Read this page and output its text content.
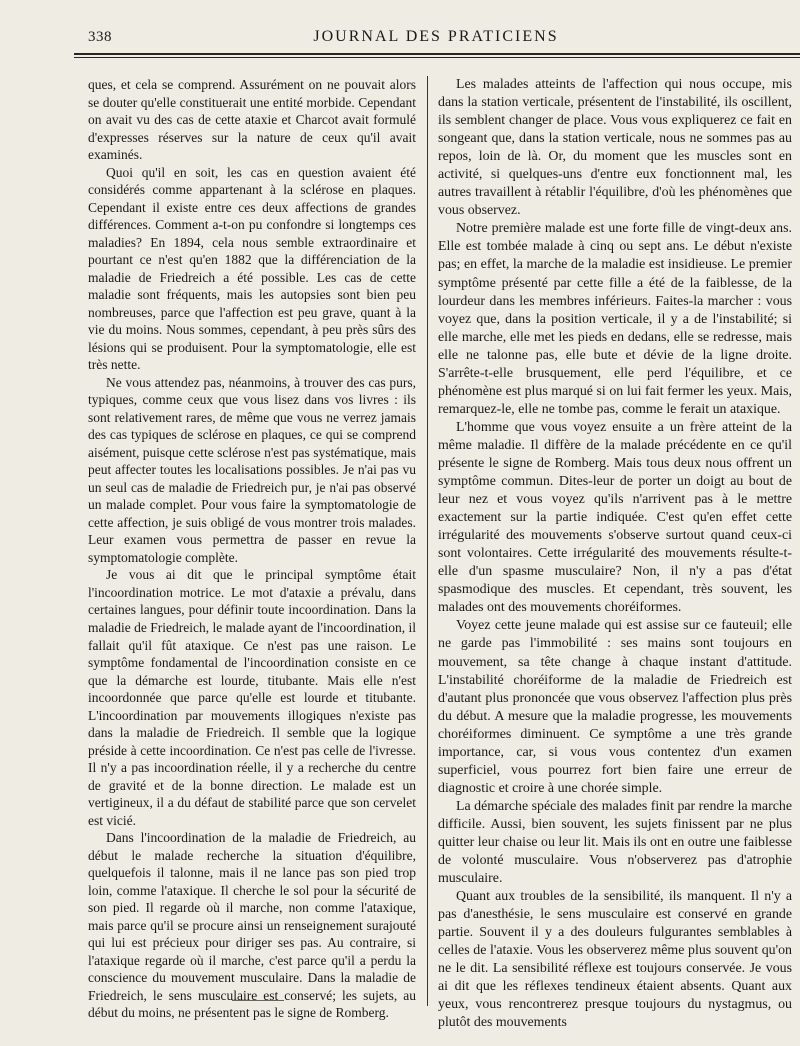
338	JOURNAL DES PRATICIENS

ques, et cela se comprend. Assurément on ne pouvait alors se douter qu'elle constituerait une entité morbide. Cependant on avait vu des cas de cette ataxie et Charcot avait formulé d'expresses réserves sur la nature de ceux qu'il avait examinés.

Quoi qu'il en soit, les cas en question avaient été considérés comme appartenant à la sclérose en plaques. Cependant il existe entre ces deux affections de grandes différences. Comment a-t-on pu confondre si longtemps ces maladies? En 1894, cela nous semble extraordinaire et pourtant ce n'est qu'en 1882 que la différenciation de la maladie de Friedreich a été possible. Les cas de cette maladie sont fréquents, mais les autopsies sont bien peu nombreuses, parce que l'affection est peu grave, quant à la vie du moins. Nous sommes, cependant, à peu près sûrs des lésions qui se produisent. Pour la symptomatologie, elle est très nette.

Ne vous attendez pas, néanmoins, à trouver des cas purs, typiques, comme ceux que vous lisez dans vos livres : ils sont relativement rares, de même que vous ne verrez jamais des cas typiques de sclérose en plaques, ce qui se comprend aisément, puisque cette sclérose n'est pas systématique, mais peut affecter toutes les localisations possibles. Je n'ai pas vu un seul cas de maladie de Friedreich pur, je n'ai pas observé un malade complet. Pour vous faire la symptomatologie de cette affection, je suis obligé de vous montrer trois malades. Leur examen vous permettra de passer en revue la symptomatologie complète.

Je vous ai dit que le principal symptôme était l'incoordination motrice. Le mot d'ataxie a prévalu, dans certaines langues, pour définir toute incoordination. Dans la maladie de Friedreich, le malade ayant de l'incoordination, il fallait qu'il fût ataxique. Ce n'est pas une raison. Le symptôme fondamental de l'incoordination consiste en ce que la démarche est lourde, titubante. Mais elle n'est incoordonnée que parce qu'elle est lourde et titubante. L'incoordination par mouvements illogiques n'existe pas dans la maladie de Friedreich. Il semble que la logique préside à cette incoordination. Ce n'est pas celle de l'ivresse. Il n'y a pas incoordination réelle, il y a recherche du centre de gravité et de la bonne direction. Le malade est un vertigineux, il a du défaut de stabilité parce que son cervelet est vicié.

Dans l'incoordination de la maladie de Friedreich, au début le malade recherche la situation d'équilibre, quelquefois il talonne, mais il ne lance pas son pied trop loin, comme l'ataxique. Il cherche le sol pour la sécurité de son pied. Il regarde où il marche, non comme l'ataxique, mais parce qu'il se procure ainsi un renseignement surajouté qui lui est précieux pour diriger ses pas. Au contraire, si l'ataxique regarde où il marche, c'est parce qu'il a perdu la conscience du mouvement musculaire. Dans la maladie de Friedreich, le sens musculaire est conservé; les sujets, au début du moins, ne présentent pas le signe de Romberg.

Les malades atteints de l'affection qui nous occupe, mis dans la station verticale, présentent de l'instabilité, ils oscillent, ils semblent changer de place. Vous vous expliquerez ce fait en songeant que, dans la station verticale, nous ne sommes pas au repos, loin de là. Or, du moment que les muscles sont en activité, si quelques-uns d'entre eux fonctionnent mal, les autres travaillent à rétablir l'équilibre, d'où les phénomènes que vous observez.

Notre première malade est une forte fille de vingt-deux ans. Elle est tombée malade à cinq ou sept ans. Le début n'existe pas; en effet, la marche de la maladie est insidieuse. Le premier symptôme présenté par cette fille a été de la faiblesse, de la lourdeur dans les membres inférieurs. Faites-la marcher : vous voyez que, dans la position verticale, il y a de l'instabilité; si elle marche, elle met les pieds en dedans, elle se redresse, mais elle ne talonne pas, elle bute et dévie de la ligne droite. S'arrête-t-elle brusquement, elle perd l'équilibre, et ce phénomène est plus marqué si on lui fait fermer les yeux. Mais, remarquez-le, elle ne tombe pas, comme le ferait un ataxique.

L'homme que vous voyez ensuite a un frère atteint de la même maladie. Il diffère de la malade précédente en ce qu'il présente le signe de Romberg. Mais tous deux nous offrent un symptôme commun. Dites-leur de porter un doigt au bout de leur nez et vous voyez qu'ils n'arrivent pas à le mettre exactement sur la partie indiquée. C'est qu'en effet cette irrégularité des mouvements s'observe surtout quand ceux-ci sont volontaires. Cette irrégularité des mouvements résulte-t-elle d'un spasme musculaire? Non, il n'y a pas d'état spasmodique des muscles. Et cependant, très souvent, les malades ont des mouvements choréiformes.

Voyez cette jeune malade qui est assise sur ce fauteuil; elle ne garde pas l'immobilité : ses mains sont toujours en mouvement, sa tête change à chaque instant d'attitude. L'instabilité choréiforme de la maladie de Friedreich est d'autant plus prononcée que vous observez l'affection plus près du début. A mesure que la maladie progresse, les mouvements choréiformes diminuent. Ce symptôme a une très grande importance, car, si vous vous contentez d'un examen superficiel, vous pourrez fort bien faire une erreur de diagnostic et croire à une chorée simple.

La démarche spéciale des malades finit par rendre la marche difficile. Aussi, bien souvent, les sujets finissent par ne plus quitter leur chaise ou leur lit. Mais ils ont en outre une faiblesse de volonté musculaire. Vous n'observerez pas d'atrophie musculaire.

Quant aux troubles de la sensibilité, ils manquent. Il n'y a pas d'anesthésie, le sens musculaire est conservé en grande partie. Souvent il y a des douleurs fulgurantes semblables à celles de l'ataxie. Vous les observerez même plus souvent qu'on ne le dit. La sensibilité réflexe est toujours conservée. Je vous ai dit que les réflexes tendineux étaient absents. Quant aux yeux, vous rencontrerez presque toujours du nystagmus, ou plutôt des mouvements
